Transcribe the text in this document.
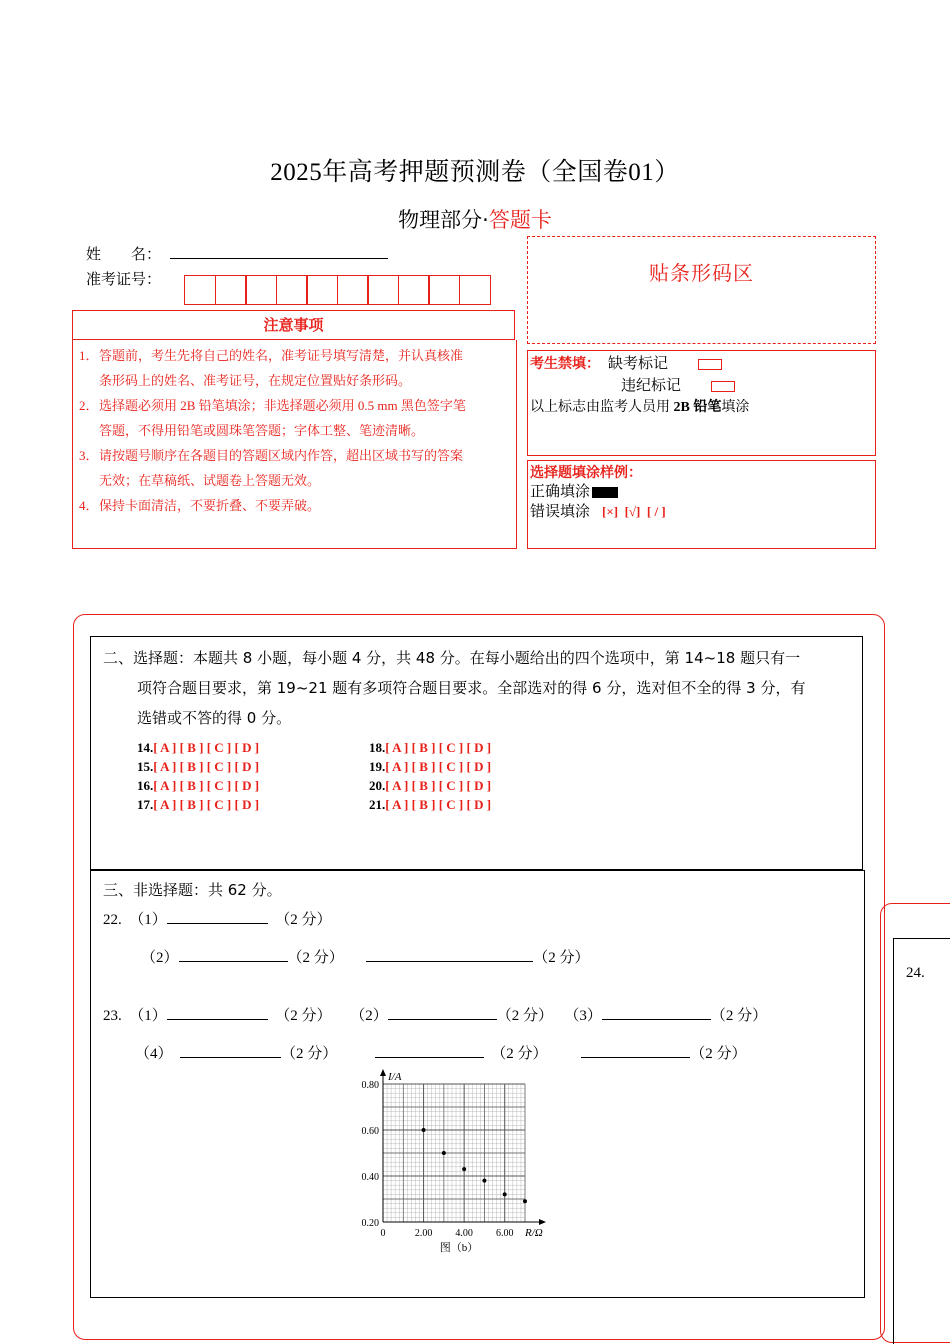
2025年高考押题预测卷（全国卷01）
物理部分·答题卡
姓　　名：
准考证号：	贴条形码区
注意事项
1． 答题前，考生先将自己的姓名，准考证号填写清楚，并认真核准
条形码上的姓名、准考证号，在规定位置贴好条形码。
2． 选择题必须用 2B 铅笔填涂；非选择题必须用 0.5 mm 黑色签字笔
答题，不得用铅笔或圆珠笔答题；字体工整、笔迹清晰。
3． 请按题号顺序在各题目的答题区域内作答，超出区域书写的答案
无效；在草稿纸、试题卷上答题无效。
4． 保持卡面清洁，不要折叠、不要弄破。
考生禁填： 缺考标记
违纪标记
以上标志由监考人员用 2B 铅笔填涂
选择题填涂样例：
正确填涂
错误填涂 [×]  [√]  [ / ]
24.
二、选择题：本题共 8 小题，每小题 4 分，共 48 分。在每小题给出的四个选项中，第 14~18 题只有一
项符合题目要求，第 19~21 题有多项符合题目要求。全部选对的得 6 分，选对但不全的得 3 分，有
选错或不答的得 0 分。
14.[ A ] [ B ] [ C ] [ D ]
15.[ A ] [ B ] [ C ] [ D ]
16.[ A ] [ B ] [ C ] [ D ]
17.[ A ] [ B ] [ C ] [ D ]
18.[ A ] [ B ] [ C ] [ D ]
19.[ A ] [ B ] [ C ] [ D ]
20.[ A ] [ B ] [ C ] [ D ]
21.[ A ] [ B ] [ C ] [ D ]
三、非选择题：共 62 分。
22. （1）	（2 分）
（2）	（2 分）	（2 分）
23. （1）	（2 分） （2）	（2 分） （3）	（2 分）
（4）	（2 分）	（2 分）	（2 分）
0	2.00 4.00 6.00
0.20
0.40
0.60
0.80
I/A
R/Ω
图（b）
